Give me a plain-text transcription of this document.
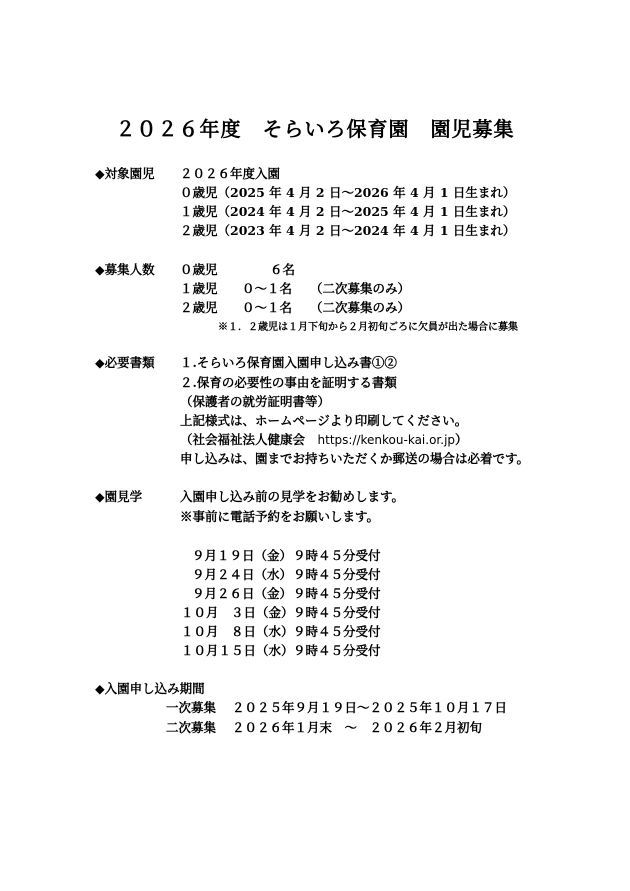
２０２６年度　そらいろ保育園　園児募集
◆対象園児 ２０２６年度入園
０歳児（2025 年 4 月 2 日〜2026 年 4 月 1 日生まれ）
１歳児（2024 年 4 月 2 日〜2025 年 4 月 1 日生まれ）
２歳児（2023 年 4 月 2 日〜2024 年 4 月 1 日生まれ）
◆募集人数 ０歳児	６名
１歳児 ０〜１名 （二次募集のみ）
２歳児 ０〜１名 （二次募集のみ）
※１．２歳児は１月下旬から２月初旬ごろに欠員が出た場合に募集
◆必要書類 １.そらいろ保育園入園申し込み書①②
２.保育の必要性の事由を証明する書類
（保護者の就労証明書等）
上記様式は、ホームページより印刷してください。
（社会福祉法人健康会　https://kenkou-kai.or.jp）
申し込みは、園までお持ちいただくか郵送の場合は必着です。
◆園見学	入園申し込み前の見学をお勧めします。
※事前に電話予約をお願いします。
９月１９日（金） ９時４５分受付
９月２４日（水） ９時４５分受付
９月２６日（金） ９時４５分受付
１０月　３日（金） ９時４５分受付
１０月　８日（水） ９時４５分受付
１０月１５日（水） ９時４５分受付
◆入園申し込み期間
一次募集 ２０２５年９月１９日〜２０２５年１０月１７日
二次募集 ２０２６年１月末　〜　２０２６年２月初旬
